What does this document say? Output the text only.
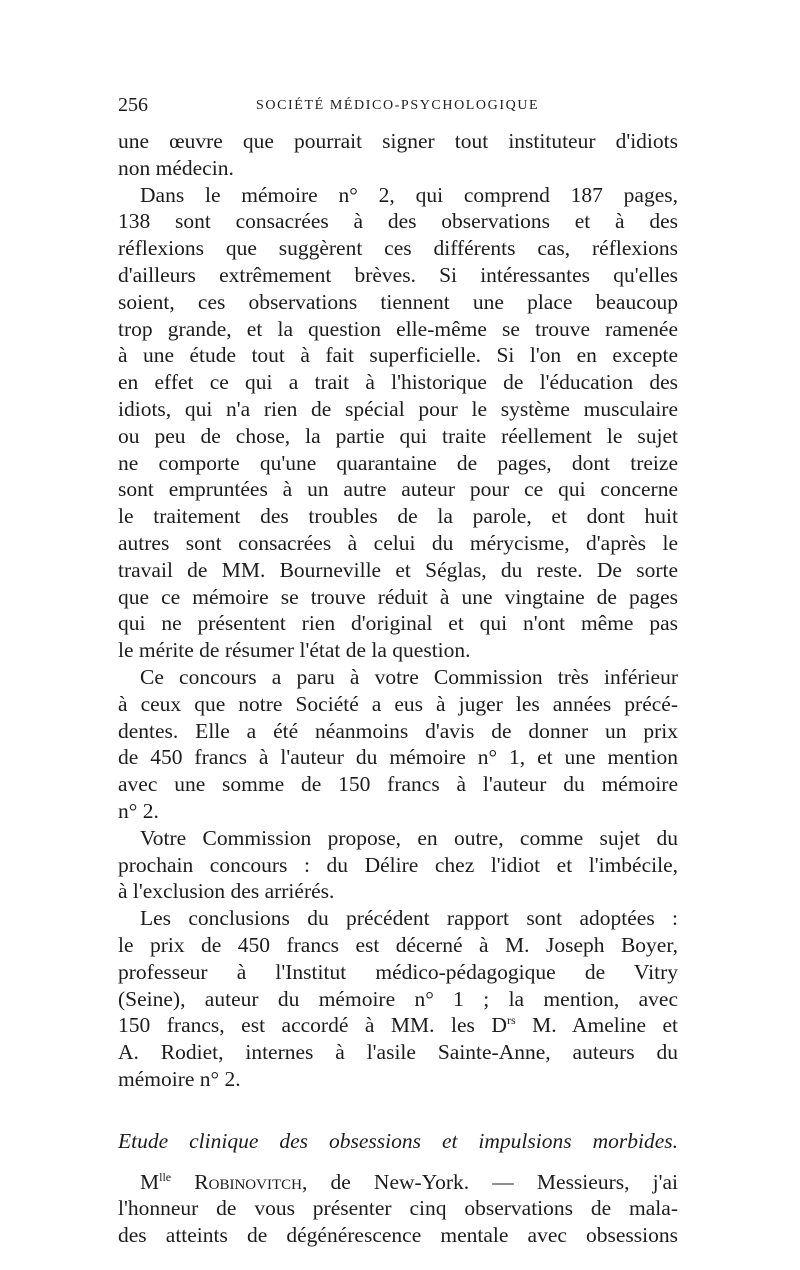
256	SOCIÉTÉ MÉDICO-PSYCHOLOGIQUE
une œuvre que pourrait signer tout instituteur d'idiots
non médecin.
Dans le mémoire n° 2, qui comprend 187 pages,
138 sont consacrées à des observations et à des
réflexions que suggèrent ces différents cas, réflexions
d'ailleurs extrêmement brèves. Si intéressantes qu'elles
soient, ces observations tiennent une place beaucoup
trop grande, et la question elle-même se trouve ramenée
à une étude tout à fait superficielle. Si l'on en excepte
en effet ce qui a trait à l'historique de l'éducation des
idiots, qui n'a rien de spécial pour le système musculaire
ou peu de chose, la partie qui traite réellement le sujet
ne comporte qu'une quarantaine de pages, dont treize
sont empruntées à un autre auteur pour ce qui concerne
le traitement des troubles de la parole, et dont huit
autres sont consacrées à celui du mérycisme, d'après le
travail de MM. Bourneville et Séglas, du reste. De sorte
que ce mémoire se trouve réduit à une vingtaine de pages
qui ne présentent rien d'original et qui n'ont même pas
le mérite de résumer l'état de la question.
Ce concours a paru à votre Commission très inférieur
à ceux que notre Société a eus à juger les années précé-
dentes. Elle a été néanmoins d'avis de donner un prix
de 450 francs à l'auteur du mémoire n° 1, et une mention
avec une somme de 150 francs à l'auteur du mémoire
n° 2.
Votre Commission propose, en outre, comme sujet du
prochain concours : du Délire chez l'idiot et l'imbécile,
à l'exclusion des arriérés.
Les conclusions du précédent rapport sont adoptées :
le prix de 450 francs est décerné à M. Joseph Boyer,
professeur à l'Institut médico-pédagogique de Vitry
(Seine), auteur du mémoire n° 1 ; la mention, avec
150 francs, est accordé à MM. les $D^{rs}$ M. Ameline et
A. Rodiet, internes à l'asile Sainte-Anne, auteurs du
mémoire n° 2.
Etude clinique des obsessions et impulsions morbides.
$M^{lle}$ Robinovitch, de New-York. — Messieurs, j'ai
l'honneur de vous présenter cinq observations de mala-
des atteints de dégénérescence mentale avec obsessions
